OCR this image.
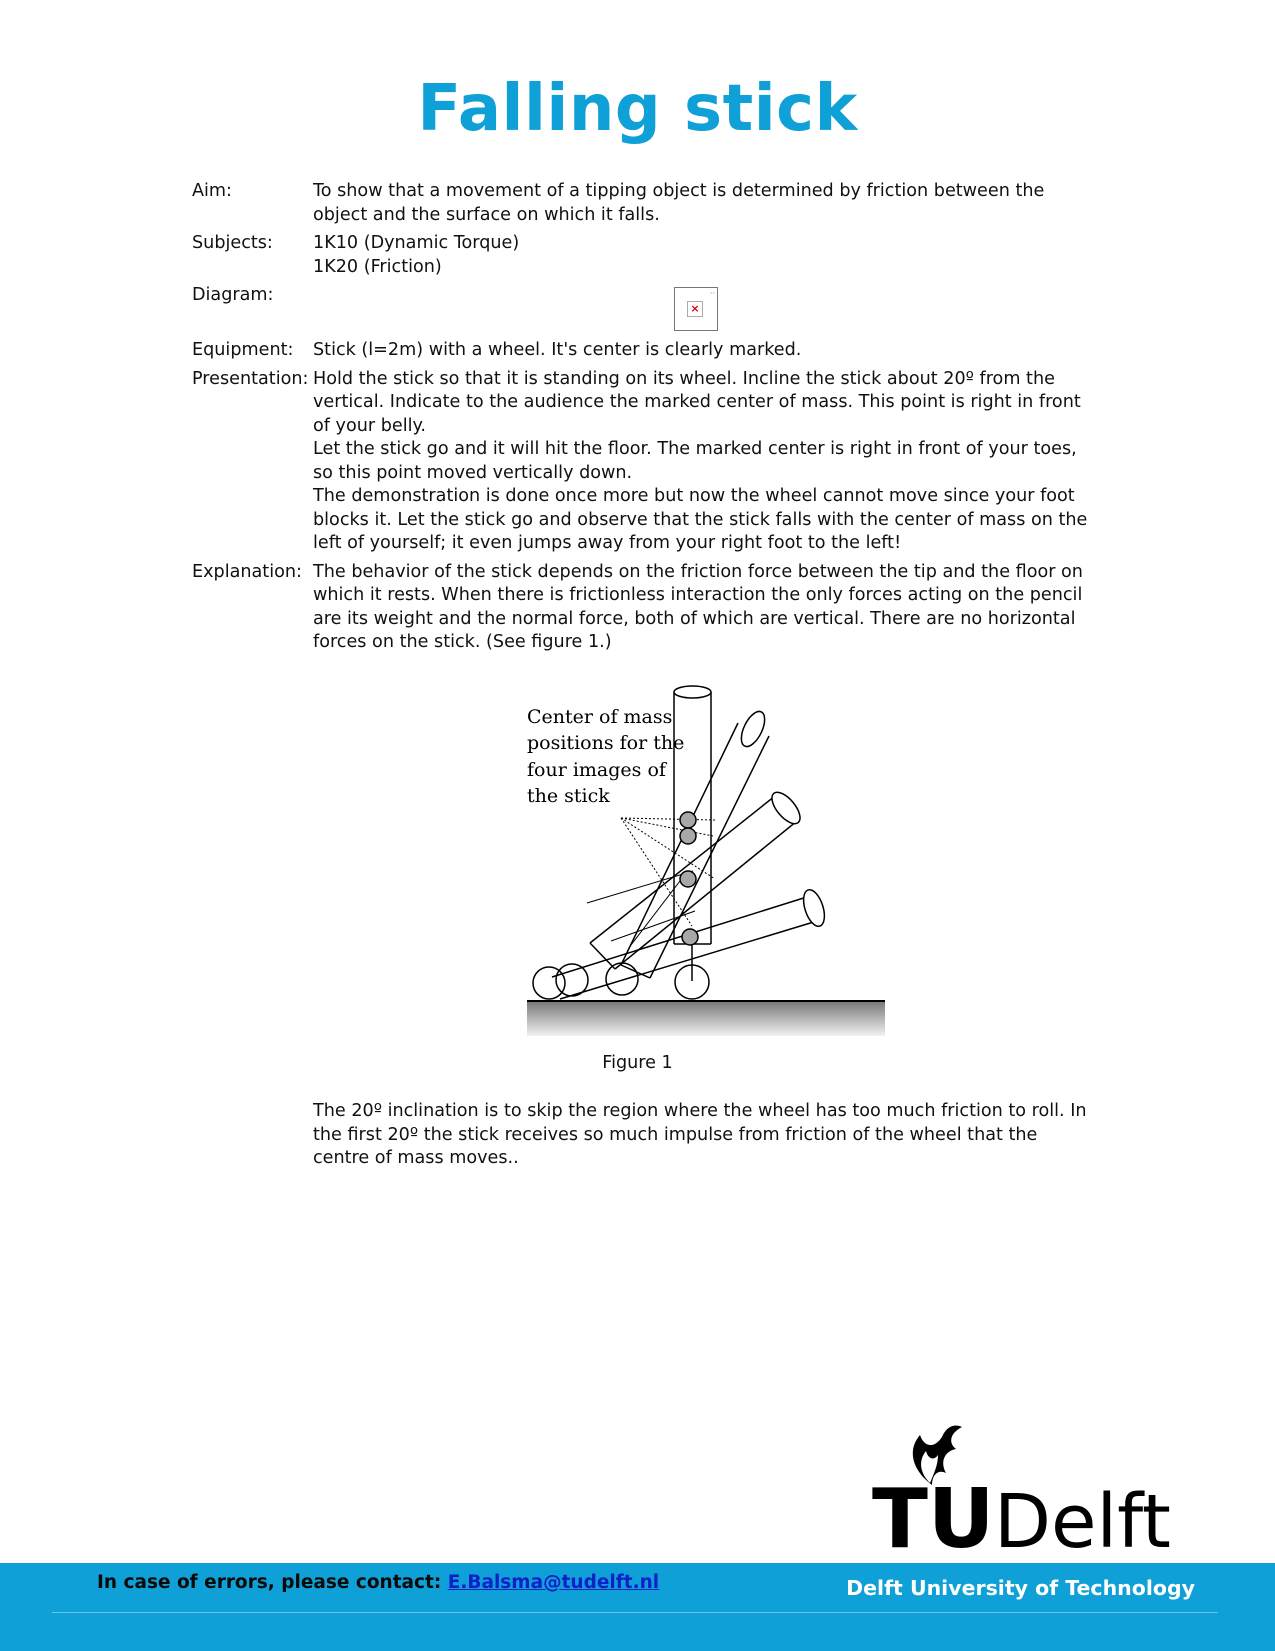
Falling stick
Aim:	To show that a movement of a tipping object is determined by friction between the object and the surface on which it falls.
Subjects:	1K10 (Dynamic Torque)

1K20 (Friction)

Diagram:
Equipment:	Stick (l=2m) with a wheel. It's center is clearly marked.
Presentation: Hold the stick so that it is standing on its wheel. Incline the stick about 20º from the vertical. Indicate to the audience the marked center of mass. This point is right in front of your belly.

Let the stick go and it will hit the floor. The marked center is right in front of your toes, so this point moved vertically down.

The demonstration is done once more but now the wheel cannot move since your foot blocks it. Let the stick go and observe that the stick falls with the center of mass on the left of yourself; it even jumps away from your right foot to the left!

Explanation: The behavior of the stick depends on the friction force between the tip and the floor on which it rests. When there is frictionless interaction the only forces acting on the pencil are its weight and the normal force, both of which are vertical. There are no horizontal forces on the stick. (See figure 1.)
×
··
Center of mass positions for the four images of the stick
Figure 1

The 20º inclination is to skip the region where the wheel has too much friction to roll. In the first 20º the stick receives so much impulse from friction of the wheel that the centre of mass moves..

TU Delft
In case of errors, please contact: E.Balsma@tudelft.nl	Delft University of Technology
